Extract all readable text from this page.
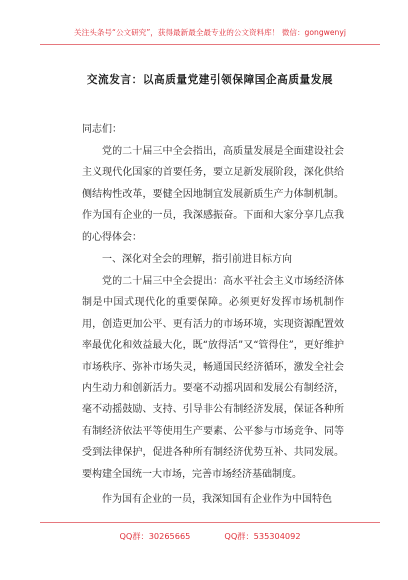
关注头条号“公文研究”，获得最新最全最专业的公文资料库！ 微信：gongwenyj
交流发言：以高质量党建引领保障国企高质量发展

同志们：

党的二十届三中全会指出，高质量发展是全面建设社会主义现代化国家的首要任务，要立足新发展阶段，深化供给侧结构性改革，要健全因地制宜发展新质生产力体制机制。作为国有企业的一员，我深感振奋。下面和大家分享几点我的心得体会：

一、深化对全会的理解，指引前进目标方向

党的二十届三中全会提出：高水平社会主义市场经济体制是中国式现代化的重要保障。必须更好发挥市场机制作用，创造更加公平、更有活力的市场环境，实现资源配置效率最优化和效益最大化，既“放得活”又“管得住”，更好维护市场秩序、弥补市场失灵，畅通国民经济循环，激发全社会内生动力和创新活力。要毫不动摇巩固和发展公有制经济，毫不动摇鼓励、支持、引导非公有制经济发展，保证各种所有制经济依法平等使用生产要素、公平参与市场竞争、同等受到法律保护，促进各种所有制经济优势互补、共同发展。要构建全国统一大市场，完善市场经济基础制度。

作为国有企业的一员，我深知国有企业作为中国特色

QQ群：30265665	QQ群：535304092
